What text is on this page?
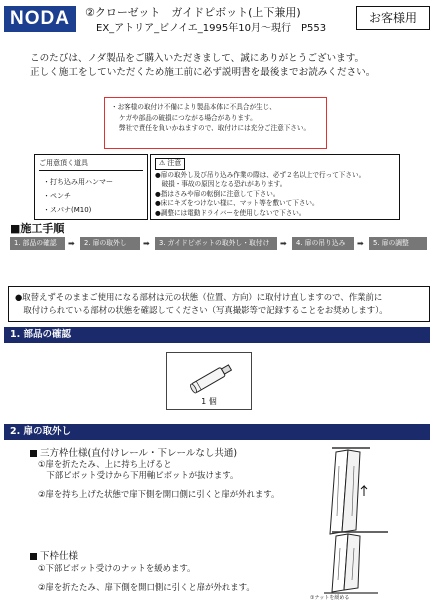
NODA	②クローゼット　ガイドピボット(上下兼用)
EX_アトリア_ビノイエ_1995年10月～現行　P553
お客様用
このたびは、ノダ製品をご購入いただきまして、誠にありがとうございます。
正しく施工をしていただくため施工前に必ず説明書を最後までお読みください。
・お客様の取付け不備により製品本体に不具合が生じ、
ケガや部品の破損につながる場合があります。
弊社で責任を負いかねますので、取付けには充分ご注意下さい。
ご用意頂く道具
・打ち込み用ハンマー
・ペンチ
・スパナ(M10)
⚠ 注意
●扉の取外し及び吊り込み作業の際は、必ず２名以上で行って下さい。
　破損・事故の原因となる恐れがあります。
●指はさみや扉の転倒に注意して下さい。
●床にキズをつけない様に、マット等を敷いて下さい。
●調整には電動ドライバーを使用しないで下さい。
■施工手順
1. 部品の確認	➡	2. 扉の取外し	➡	3. ガイドピボットの取外し・取付け	➡	4. 扉の吊り込み	➡	5. 扉の調整
●取替えずそのままご使用になる部材は元の状態（位置、方向）に取付け直しますので、作業前に
　取付けられている部材の状態を確認してください（写真撮影等で記録することをお奨めします）。
1. 部品の確認
1 個
2. 扉の取外し
三方枠仕様(直付けレール・下レールなし共通)
①扉を折たたみ、上に持ち上げると
　下部ピボット受けから下用軸ピボットが抜けます。
②扉を持ち上げた状態で扉下側を開口側に引くと扉が外れます。
下枠仕様
①下部ピボット受けのナットを緩めます。
②扉を折たたみ、扉下側を開口側に引くと扉が外れます。
①ナットを緩める
